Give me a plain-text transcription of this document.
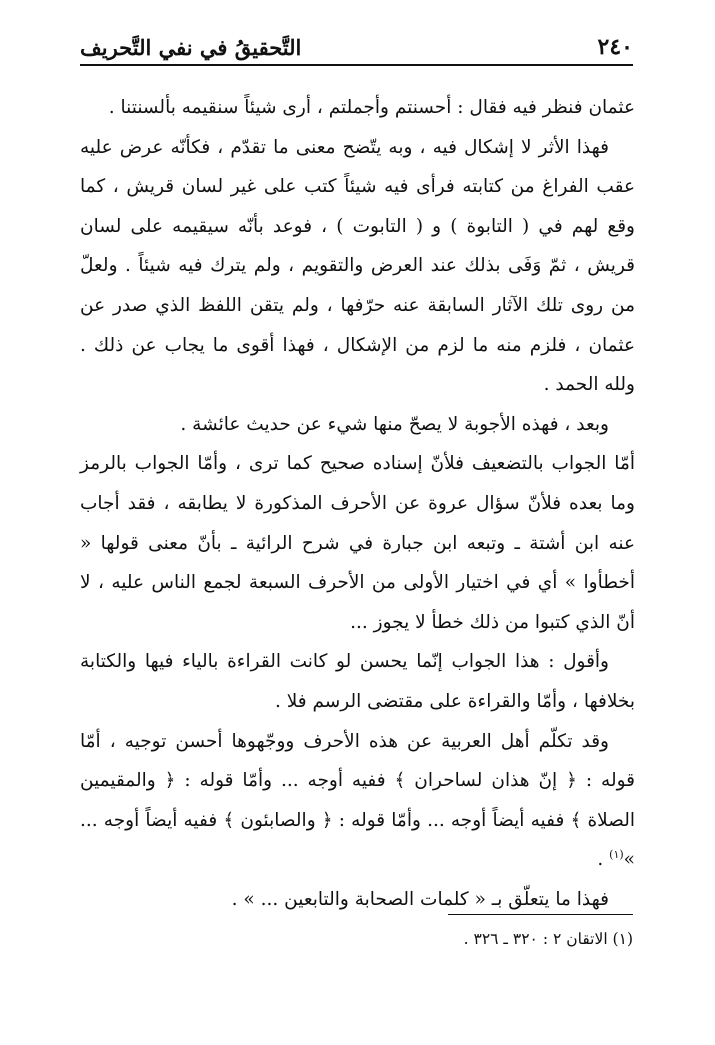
٢٤٠
التَّحقيقُ في نفي التَّحريف

عثمان فنظر فيه فقال : أحسنتم وأجملتم ، أرى شيئاً سنقيمه بألسنتنا .

فهذا الأثر لا إشكال فيه ، وبه يتّضح معنى ما تقدّم ، فكأنّه عرض عليه عقب الفراغ من كتابته فرأى فيه شيئاً كتب على غير لسان قريش ، كما وقع لهم في ( التابوة ) و ( التابوت ) ، فوعد بأنّه سيقيمه على لسان قريش ، ثمّ وَفَى بذلك عند العرض والتقويم ، ولم يترك فيه شيئاً . ولعلّ من روى تلك الآثار السابقة عنه حرّفها ، ولم يتقن اللفظ الذي صدر عن عثمان ، فلزم منه ما لزم من الإشكال ، فهذا أقوى ما يجاب عن ذلك . ولله الحمد .

وبعد ، فهذه الأجوبة لا يصحّ منها شيء عن حديث عائشة .

أمّا الجواب بالتضعيف فلأنّ إسناده صحيح كما ترى ، وأمّا الجواب بالرمز وما بعده فلأنّ سؤال عروة عن الأحرف المذكورة لا يطابقه ، فقد أجاب عنه ابن أشتة ـ وتبعه ابن جبارة في شرح الرائية ـ بأنّ معنى قولها « أخطأوا » أي في اختيار الأولى من الأحرف السبعة لجمع الناس عليه ، لا أنّ الذي كتبوا من ذلك خطأ لا يجوز ...

وأقول : هذا الجواب إنّما يحسن لو كانت القراءة بالياء فيها والكتابة بخلافها ، وأمّا والقراءة على مقتضى الرسم فلا .

وقد تكلّم أهل العربية عن هذه الأحرف ووجّهوها أحسن توجيه ، أمّا قوله : ﴿ إنّ هذان لساحران ﴾ ففيه أوجه ... وأمّا قوله : ﴿ والمقيمين الصلاة ﴾ ففيه أيضاً أوجه ... وأمّا قوله : ﴿ والصابئون ﴾ ففيه أيضاً أوجه ... »$^{(١)}$ .

فهذا ما يتعلّق بـ « كلمات الصحابة والتابعين ... » .

(١) الاتقان ٢ : ٣٢٠ ـ ٣٢٦ .
